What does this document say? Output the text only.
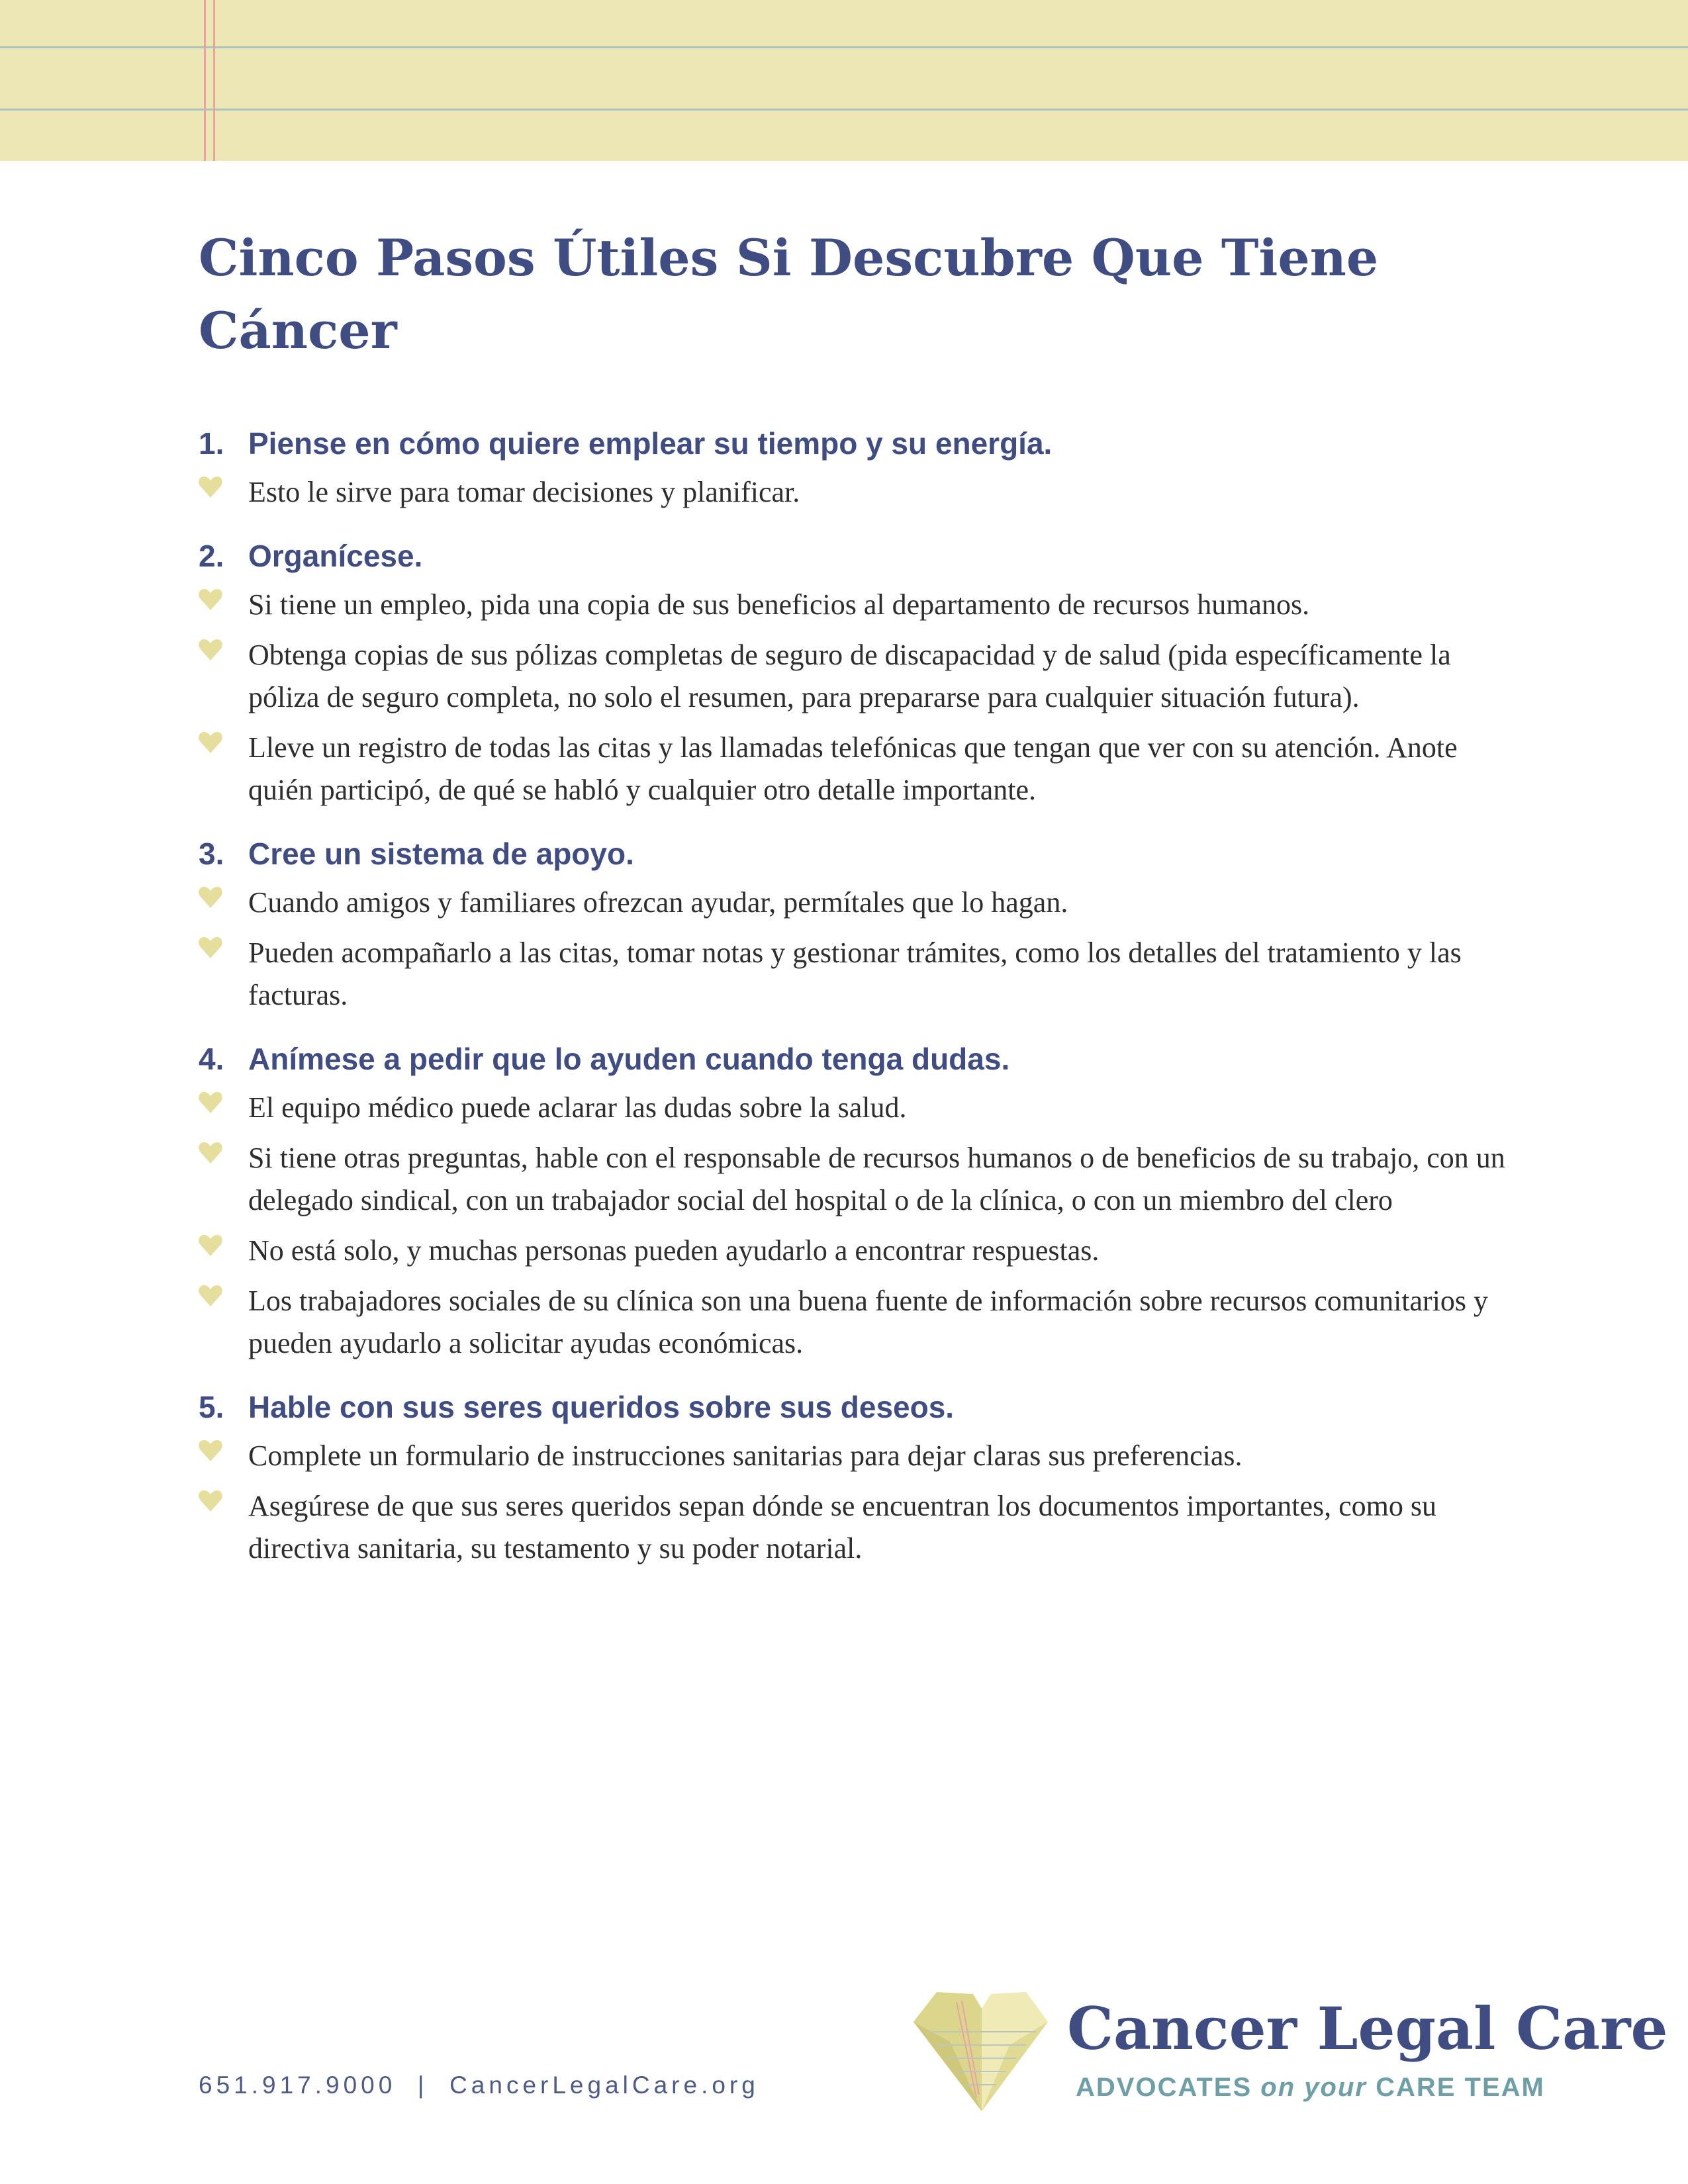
Cinco Pasos Útiles Si Descubre Que Tiene Cáncer
1. Piense en cómo quiere emplear su tiempo y su energía.
Esto le sirve para tomar decisiones y planificar.
2. Organícese.
Si tiene un empleo, pida una copia de sus beneficios al departamento de recursos humanos.
Obtenga copias de sus pólizas completas de seguro de discapacidad y de salud (pida específicamente la póliza de seguro completa, no solo el resumen, para prepararse para cualquier situación futura).
Lleve un registro de todas las citas y las llamadas telefónicas que tengan que ver con su atención. Anote quién participó, de qué se habló y cualquier otro detalle importante.
3. Cree un sistema de apoyo.
Cuando amigos y familiares ofrezcan ayudar, permítales que lo hagan.
Pueden acompañarlo a las citas, tomar notas y gestionar trámites, como los detalles del tratamiento y las facturas.
4. Anímese a pedir que lo ayuden cuando tenga dudas.
El equipo médico puede aclarar las dudas sobre la salud.
Si tiene otras preguntas, hable con el responsable de recursos humanos o de beneficios de su trabajo, con un delegado sindical, con un trabajador social del hospital o de la clínica, o con un miembro del clero
No está solo, y muchas personas pueden ayudarlo a encontrar respuestas.
Los trabajadores sociales de su clínica son una buena fuente de información sobre recursos comunitarios y pueden ayudarlo a solicitar ayudas económicas.
5. Hable con sus seres queridos sobre sus deseos.
Complete un formulario de instrucciones sanitarias para dejar claras sus preferencias.
Asegúrese de que sus seres queridos sepan dónde se encuentran los documentos importantes, como su directiva sanitaria, su testamento y su poder notarial.
651.917.9000  |  CancerLegalCare.org
Cancer Legal Care
ADVOCATES on your CARE TEAM
